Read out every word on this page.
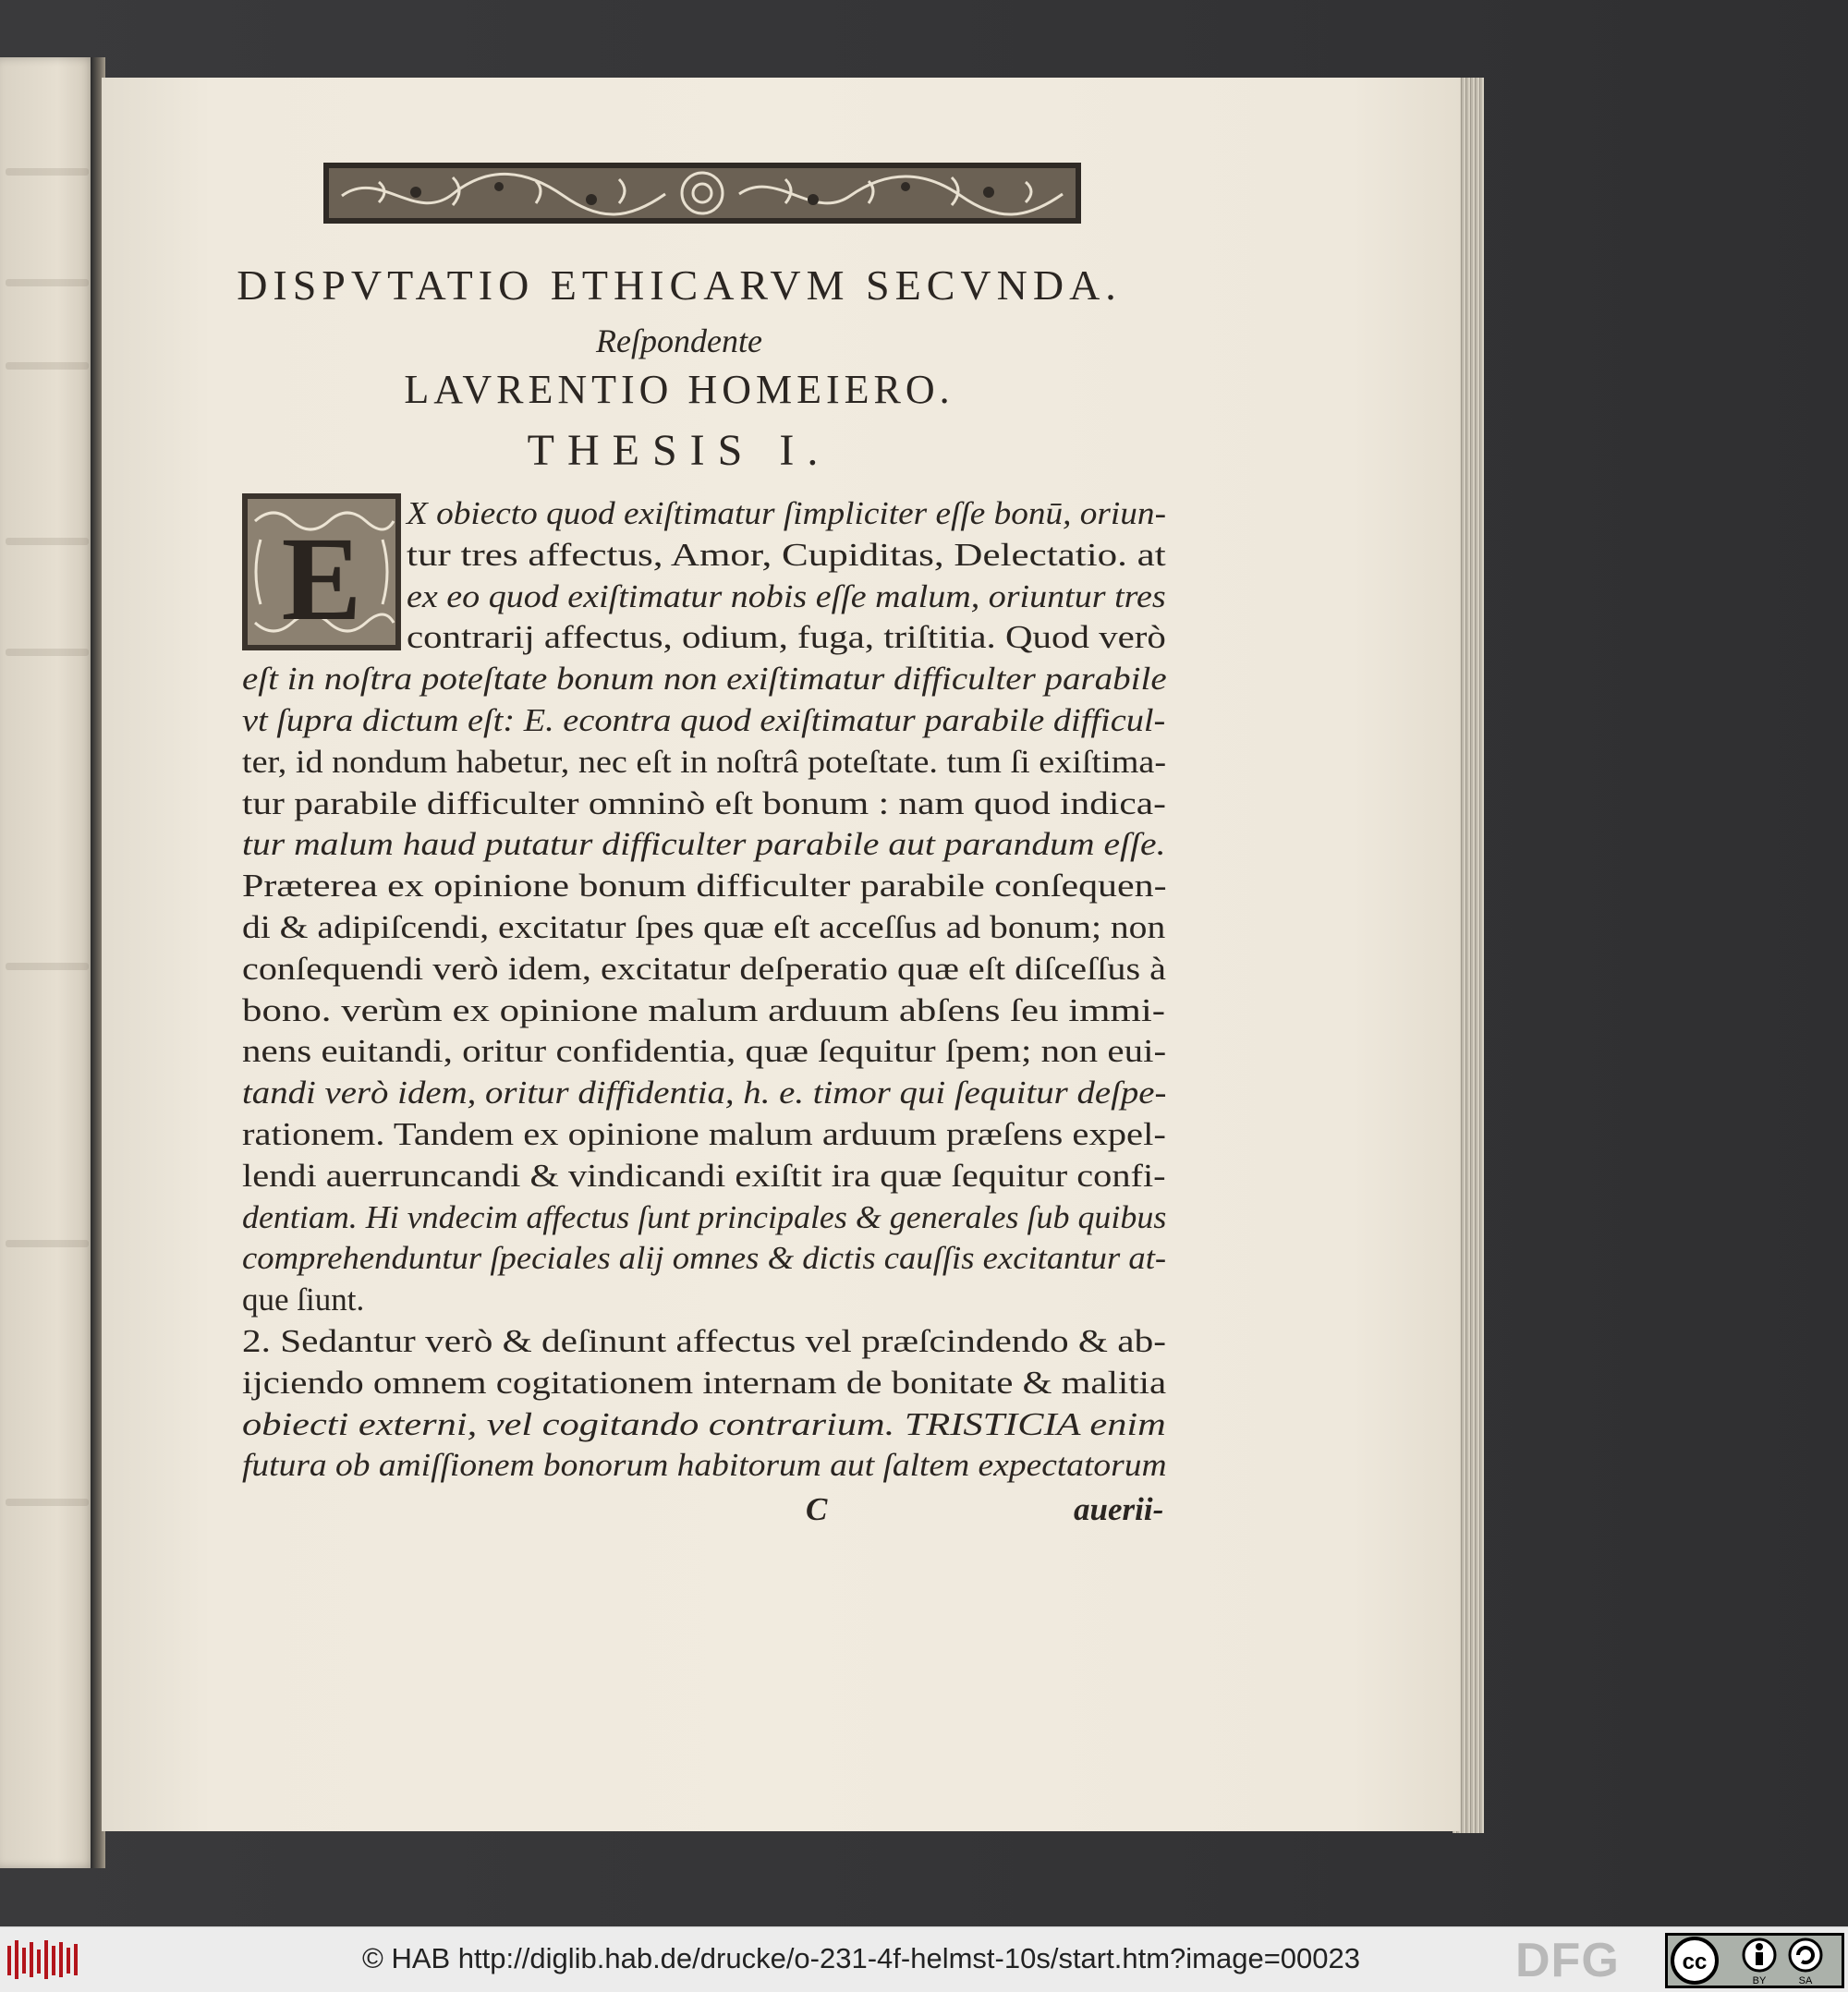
DISPVTATIO ETHICARVM SECVNDA.
Reſpondente
LAVRENTIO HOMEIERO.
THESIS I.
E X obiecto quod exiſtimatur ſimpliciter eſſe bonū, oriun-
tur tres affectus, Amor, Cupiditas, Delectatio. at
ex eo quod exiſtimatur nobis eſſe malum, oriuntur tres
contrarij affectus, odium, fuga, triſtitia. Quod verò
eſt in noſtra poteſtate bonum non exiſtimatur difficulter parabile
vt ſupra dictum eſt: E. econtra quod exiſtimatur parabile difficul-
ter, id nondum habetur, nec eſt in noſtrâ poteſtate. tum ſi exiſtima-
tur parabile difficulter omninò eſt bonum : nam quod indica-
tur malum haud putatur difficulter parabile aut parandum eſſe.
Præterea ex opinione bonum difficulter parabile conſequen-
di & adipiſcendi, excitatur ſpes quæ eſt acceſſus ad bonum; non
conſequendi verò idem, excitatur deſperatio quæ eſt diſceſſus à
bono. verùm ex opinione malum arduum abſens ſeu immi-
nens euitandi, oritur confidentia, quæ ſequitur ſpem; non eui-
tandi verò idem, oritur diffidentia, h. e. timor qui ſequitur deſpe-
rationem. Tandem ex opinione malum arduum præſens expel-
lendi auerruncandi & vindicandi exiſtit ira quæ ſequitur confi-
dentiam. Hi vndecim affectus ſunt principales & generales ſub quibus
comprehenduntur ſpeciales alij omnes & dictis cauſſis excitantur at-
que ſiunt.
2. Sedantur verò & deſinunt affectus vel præſcindendo & ab-
ijciendo omnem cogitationem internam de bonitate & malitia
obiecti externi, vel cogitando contrarium. TRISTICIA enim
futura ob amiſſionem bonorum habitorum aut ſaltem expectatorum
C	auerii-
© HAB http://diglib.hab.de/drucke/o-231-4f-helmst-10s/start.htm?image=00023	DFG	cc
BY	SA
